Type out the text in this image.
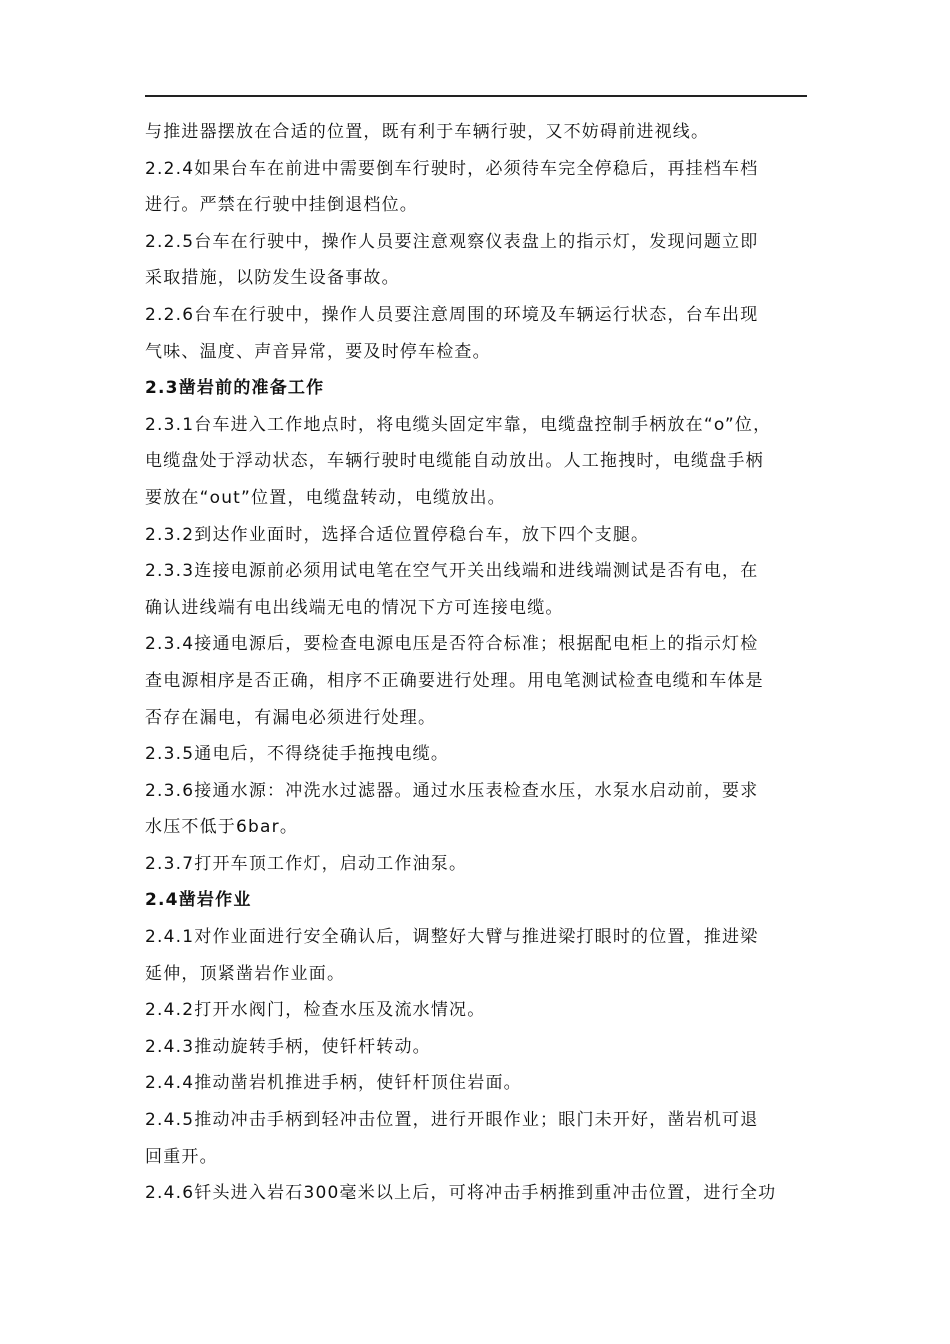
与推进器摆放在合适的位置，既有利于车辆行驶，又不妨碍前进视线。
2.2.4如果台车在前进中需要倒车行驶时，必须待车完全停稳后，再挂档车档
进行。严禁在行驶中挂倒退档位。
2.2.5台车在行驶中，操作人员要注意观察仪表盘上的指示灯，发现问题立即
采取措施，以防发生设备事故。
2.2.6台车在行驶中，操作人员要注意周围的环境及车辆运行状态，台车出现
气味、温度、声音异常，要及时停车检查。
2.3凿岩前的准备工作
2.3.1台车进入工作地点时，将电缆头固定牢靠，电缆盘控制手柄放在“o”位，
电缆盘处于浮动状态，车辆行驶时电缆能自动放出。人工拖拽时，电缆盘手柄
要放在“out”位置，电缆盘转动，电缆放出。
2.3.2到达作业面时，选择合适位置停稳台车，放下四个支腿。
2.3.3连接电源前必须用试电笔在空气开关出线端和进线端测试是否有电，在
确认进线端有电出线端无电的情况下方可连接电缆。
2.3.4接通电源后，要检查电源电压是否符合标准；根据配电柜上的指示灯检
查电源相序是否正确，相序不正确要进行处理。用电笔测试检查电缆和车体是
否存在漏电，有漏电必须进行处理。
2.3.5通电后，不得绕徒手拖拽电缆。
2.3.6接通水源：冲洗水过滤器。通过水压表检查水压，水泵水启动前，要求
水压不低于6bar。
2.3.7打开车顶工作灯，启动工作油泵。
2.4凿岩作业
2.4.1对作业面进行安全确认后，调整好大臂与推进梁打眼时的位置，推进梁
延伸，顶紧凿岩作业面。
2.4.2打开水阀门，检查水压及流水情况。
2.4.3推动旋转手柄，使钎杆转动。
2.4.4推动凿岩机推进手柄，使钎杆顶住岩面。
2.4.5推动冲击手柄到轻冲击位置，进行开眼作业；眼门未开好，凿岩机可退
回重开。
2.4.6钎头进入岩石300毫米以上后，可将冲击手柄推到重冲击位置，进行全功
